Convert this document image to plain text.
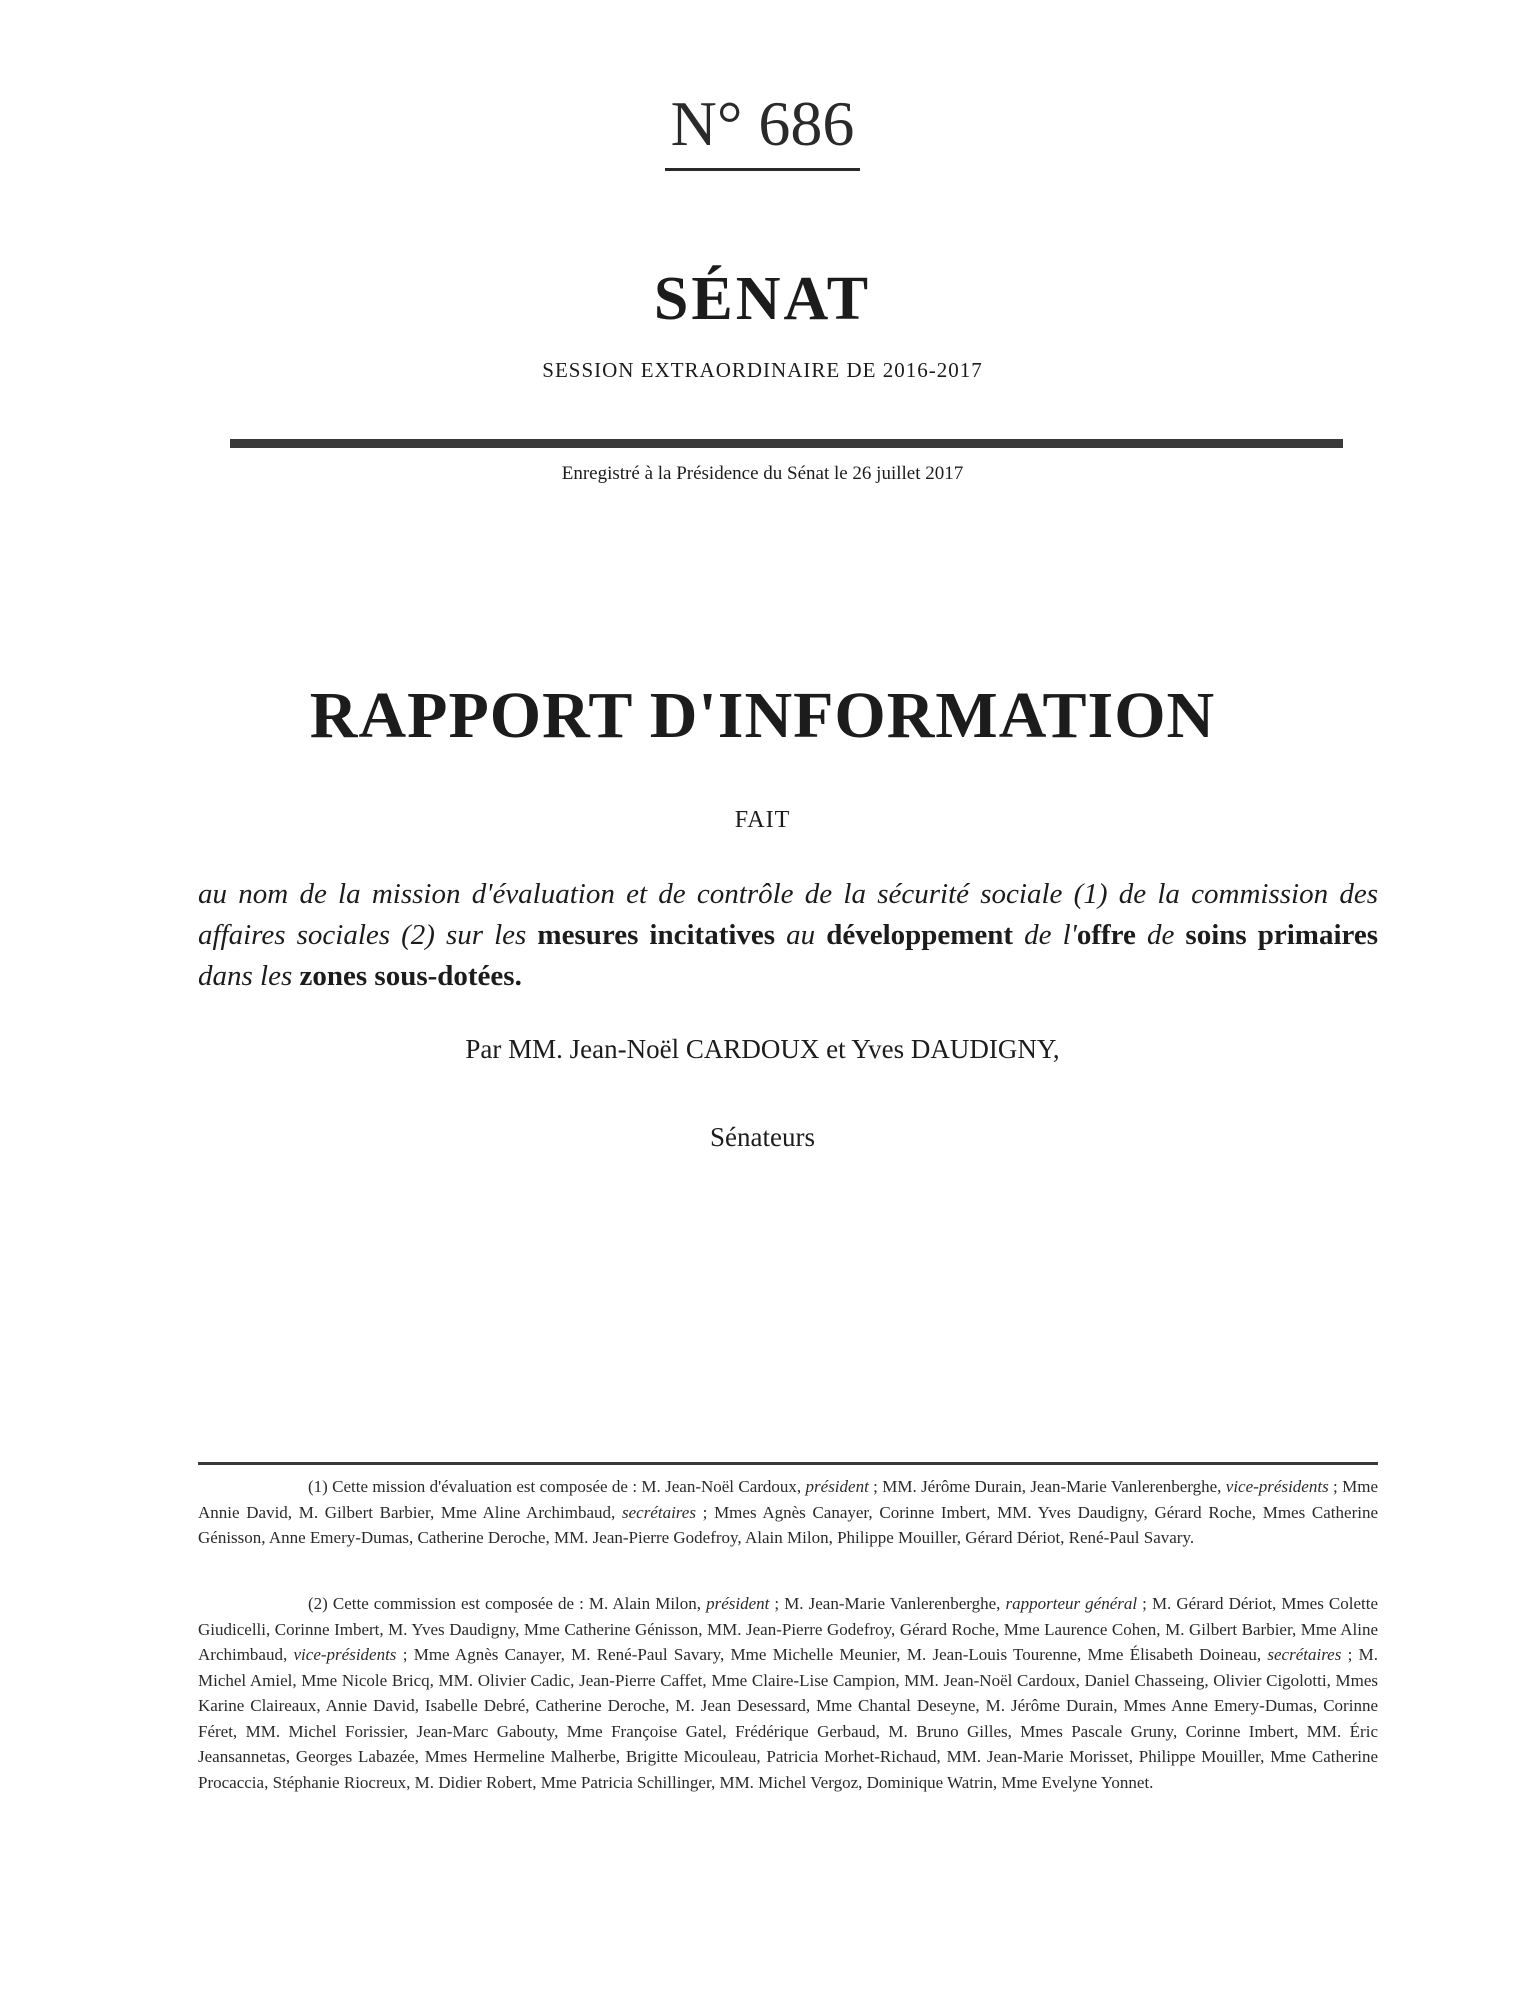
N° 686
SÉNAT
SESSION EXTRAORDINAIRE DE 2016-2017
Enregistré à la Présidence du Sénat le 26 juillet 2017
RAPPORT D'INFORMATION
FAIT
au nom de la mission d'évaluation et de contrôle de la sécurité sociale (1) de la commission des affaires sociales (2) sur les mesures incitatives au développement de l'offre de soins primaires dans les zones sous-dotées.
Par MM. Jean-Noël CARDOUX et Yves DAUDIGNY,
Sénateurs
(1) Cette mission d'évaluation est composée de : M. Jean-Noël Cardoux, président ; MM. Jérôme Durain, Jean-Marie Vanlerenberghe, vice-présidents ; Mme Annie David, M. Gilbert Barbier, Mme Aline Archimbaud, secrétaires ; Mmes Agnès Canayer, Corinne Imbert, MM. Yves Daudigny, Gérard Roche, Mmes Catherine Génisson, Anne Emery-Dumas, Catherine Deroche, MM. Jean-Pierre Godefroy, Alain Milon, Philippe Mouiller, Gérard Dériot, René-Paul Savary.
(2) Cette commission est composée de : M. Alain Milon, président ; M. Jean-Marie Vanlerenberghe, rapporteur général ; M. Gérard Dériot, Mmes Colette Giudicelli, Corinne Imbert, M. Yves Daudigny, Mme Catherine Génisson, MM. Jean-Pierre Godefroy, Gérard Roche, Mme Laurence Cohen, M. Gilbert Barbier, Mme Aline Archimbaud, vice-présidents ; Mme Agnès Canayer, M. René-Paul Savary, Mme Michelle Meunier, M. Jean-Louis Tourenne, Mme Élisabeth Doineau, secrétaires ; M. Michel Amiel, Mme Nicole Bricq, MM. Olivier Cadic, Jean-Pierre Caffet, Mme Claire-Lise Campion, MM. Jean-Noël Cardoux, Daniel Chasseing, Olivier Cigolotti, Mmes Karine Claireaux, Annie David, Isabelle Debré, Catherine Deroche, M. Jean Desessard, Mme Chantal Deseyne, M. Jérôme Durain, Mmes Anne Emery-Dumas, Corinne Féret, MM. Michel Forissier, Jean-Marc Gabouty, Mme Françoise Gatel, Frédérique Gerbaud, M. Bruno Gilles, Mmes Pascale Gruny, Corinne Imbert, MM. Éric Jeansannetas, Georges Labazée, Mmes Hermeline Malherbe, Brigitte Micouleau, Patricia Morhet-Richaud, MM. Jean-Marie Morisset, Philippe Mouiller, Mme Catherine Procaccia, Stéphanie Riocreux, M. Didier Robert, Mme Patricia Schillinger, MM. Michel Vergoz, Dominique Watrin, Mme Evelyne Yonnet.
